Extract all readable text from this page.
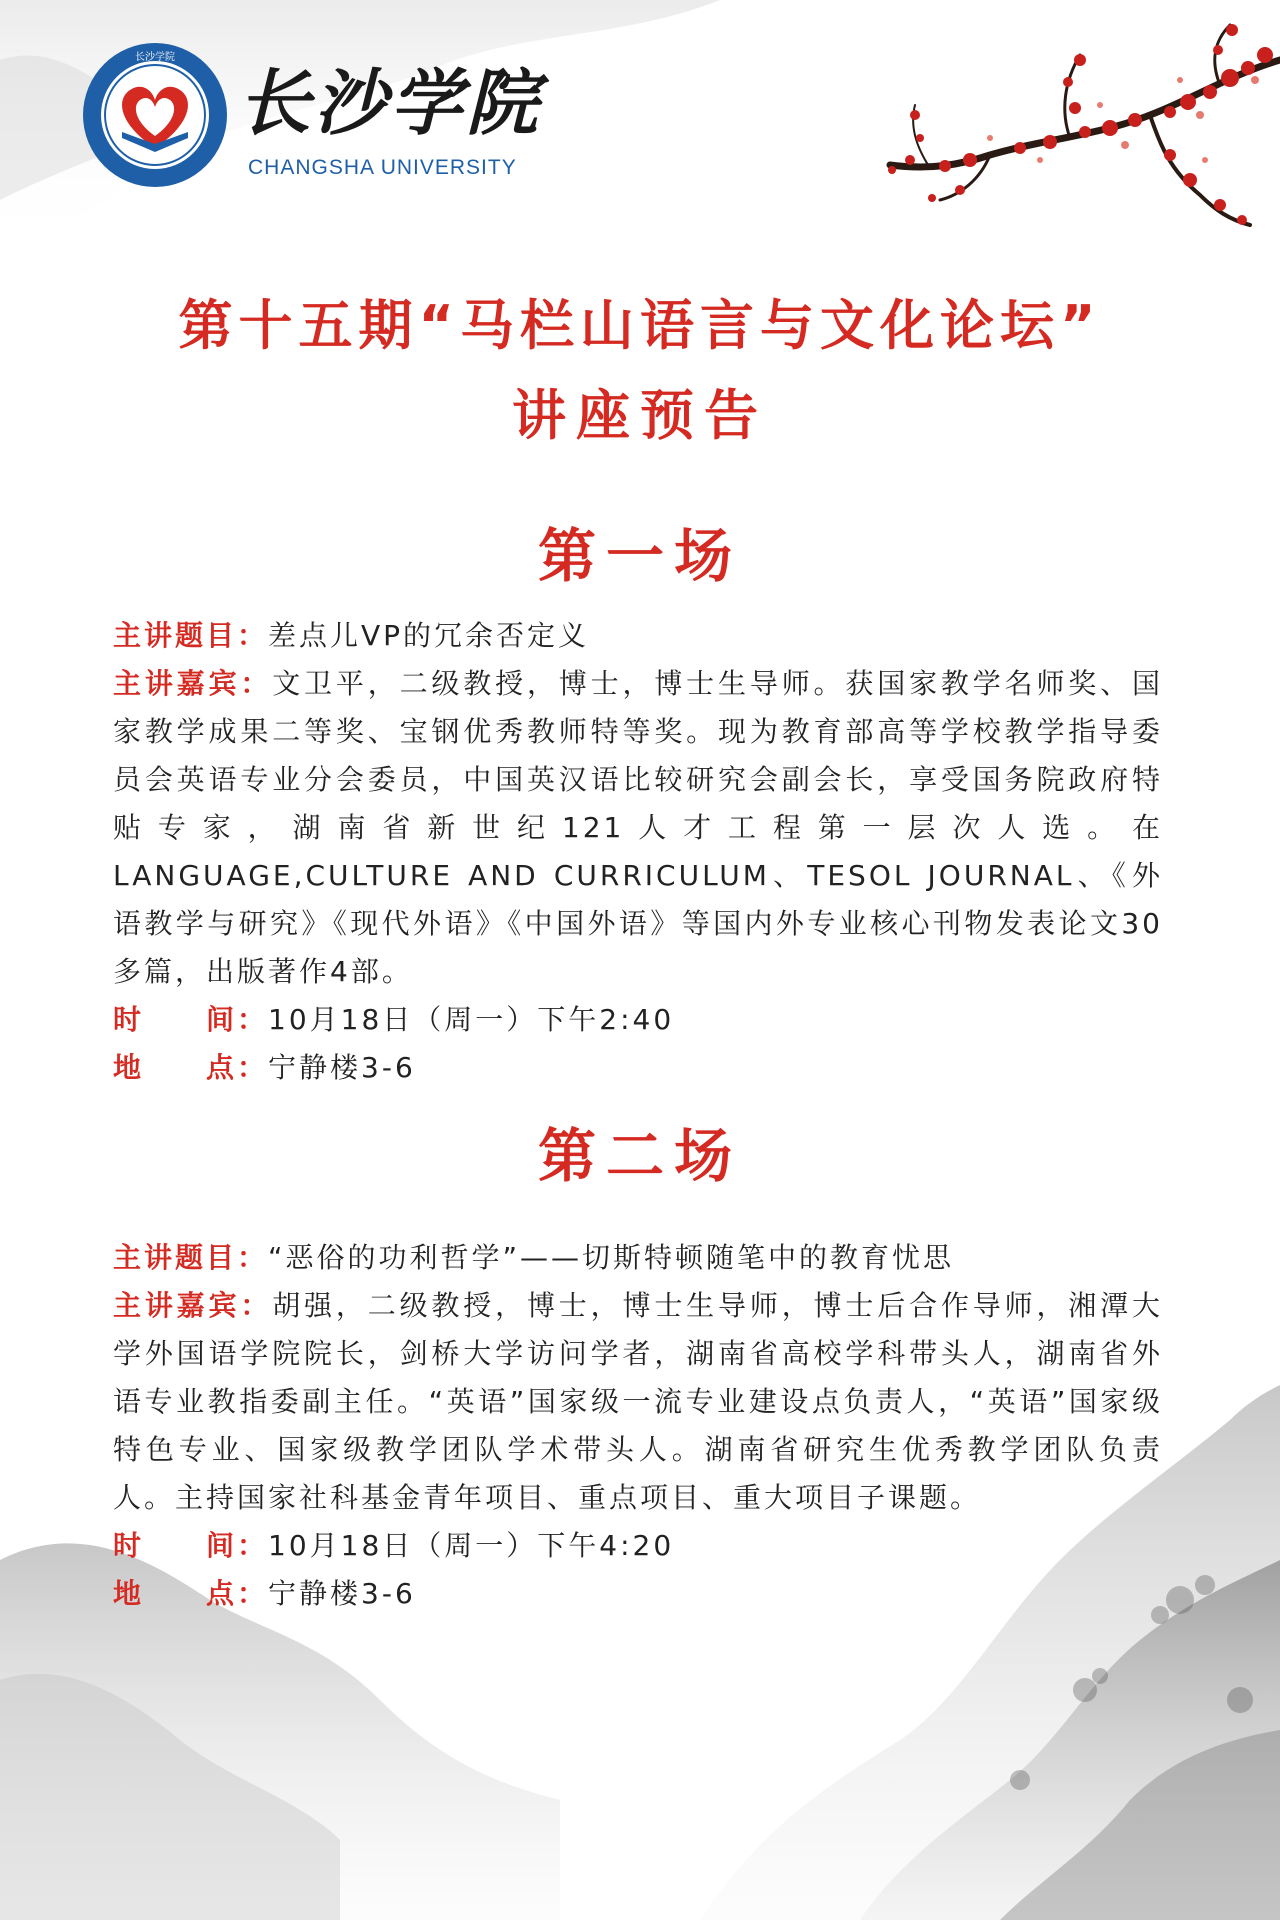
长沙学院
长沙学院
CHANGSHA UNIVERSITY
第十五期“马栏山语言与文化论坛”
讲座预告
第一场

主讲题目：差点儿VP的冗余否定义

主讲嘉宾：文卫平，二级教授，博士，博士生导师。获国家教学名师奖、国家教学成果二等奖、宝钢优秀教师特等奖。现为教育部高等学校教学指导委员会英语专业分会委员，中国英汉语比较研究会副会长，享受国务院政府特贴专家，湖南省新世纪121人才工程第一层次人选。在LANGUAGE,CULTURE AND CURRICULUM、TESOL JOURNAL、《外语教学与研究》《现代外语》《中国外语》等国内外专业核心刊物发表论文30多篇，出版著作4部。

时 间：10月18日（周一）下午2:40

地 点：宁静楼3-6

第二场

主讲题目：“恶俗的功利哲学”——切斯特顿随笔中的教育忧思

主讲嘉宾：胡强，二级教授，博士，博士生导师，博士后合作导师，湘潭大学外国语学院院长，剑桥大学访问学者，湖南省高校学科带头人，湖南省外语专业教指委副主任。“英语”国家级一流专业建设点负责人，“英语”国家级特色专业、国家级教学团队学术带头人。湖南省研究生优秀教学团队负责人。主持国家社科基金青年项目、重点项目、重大项目子课题。

时 间：10月18日（周一）下午4:20

地 点：宁静楼3-6
